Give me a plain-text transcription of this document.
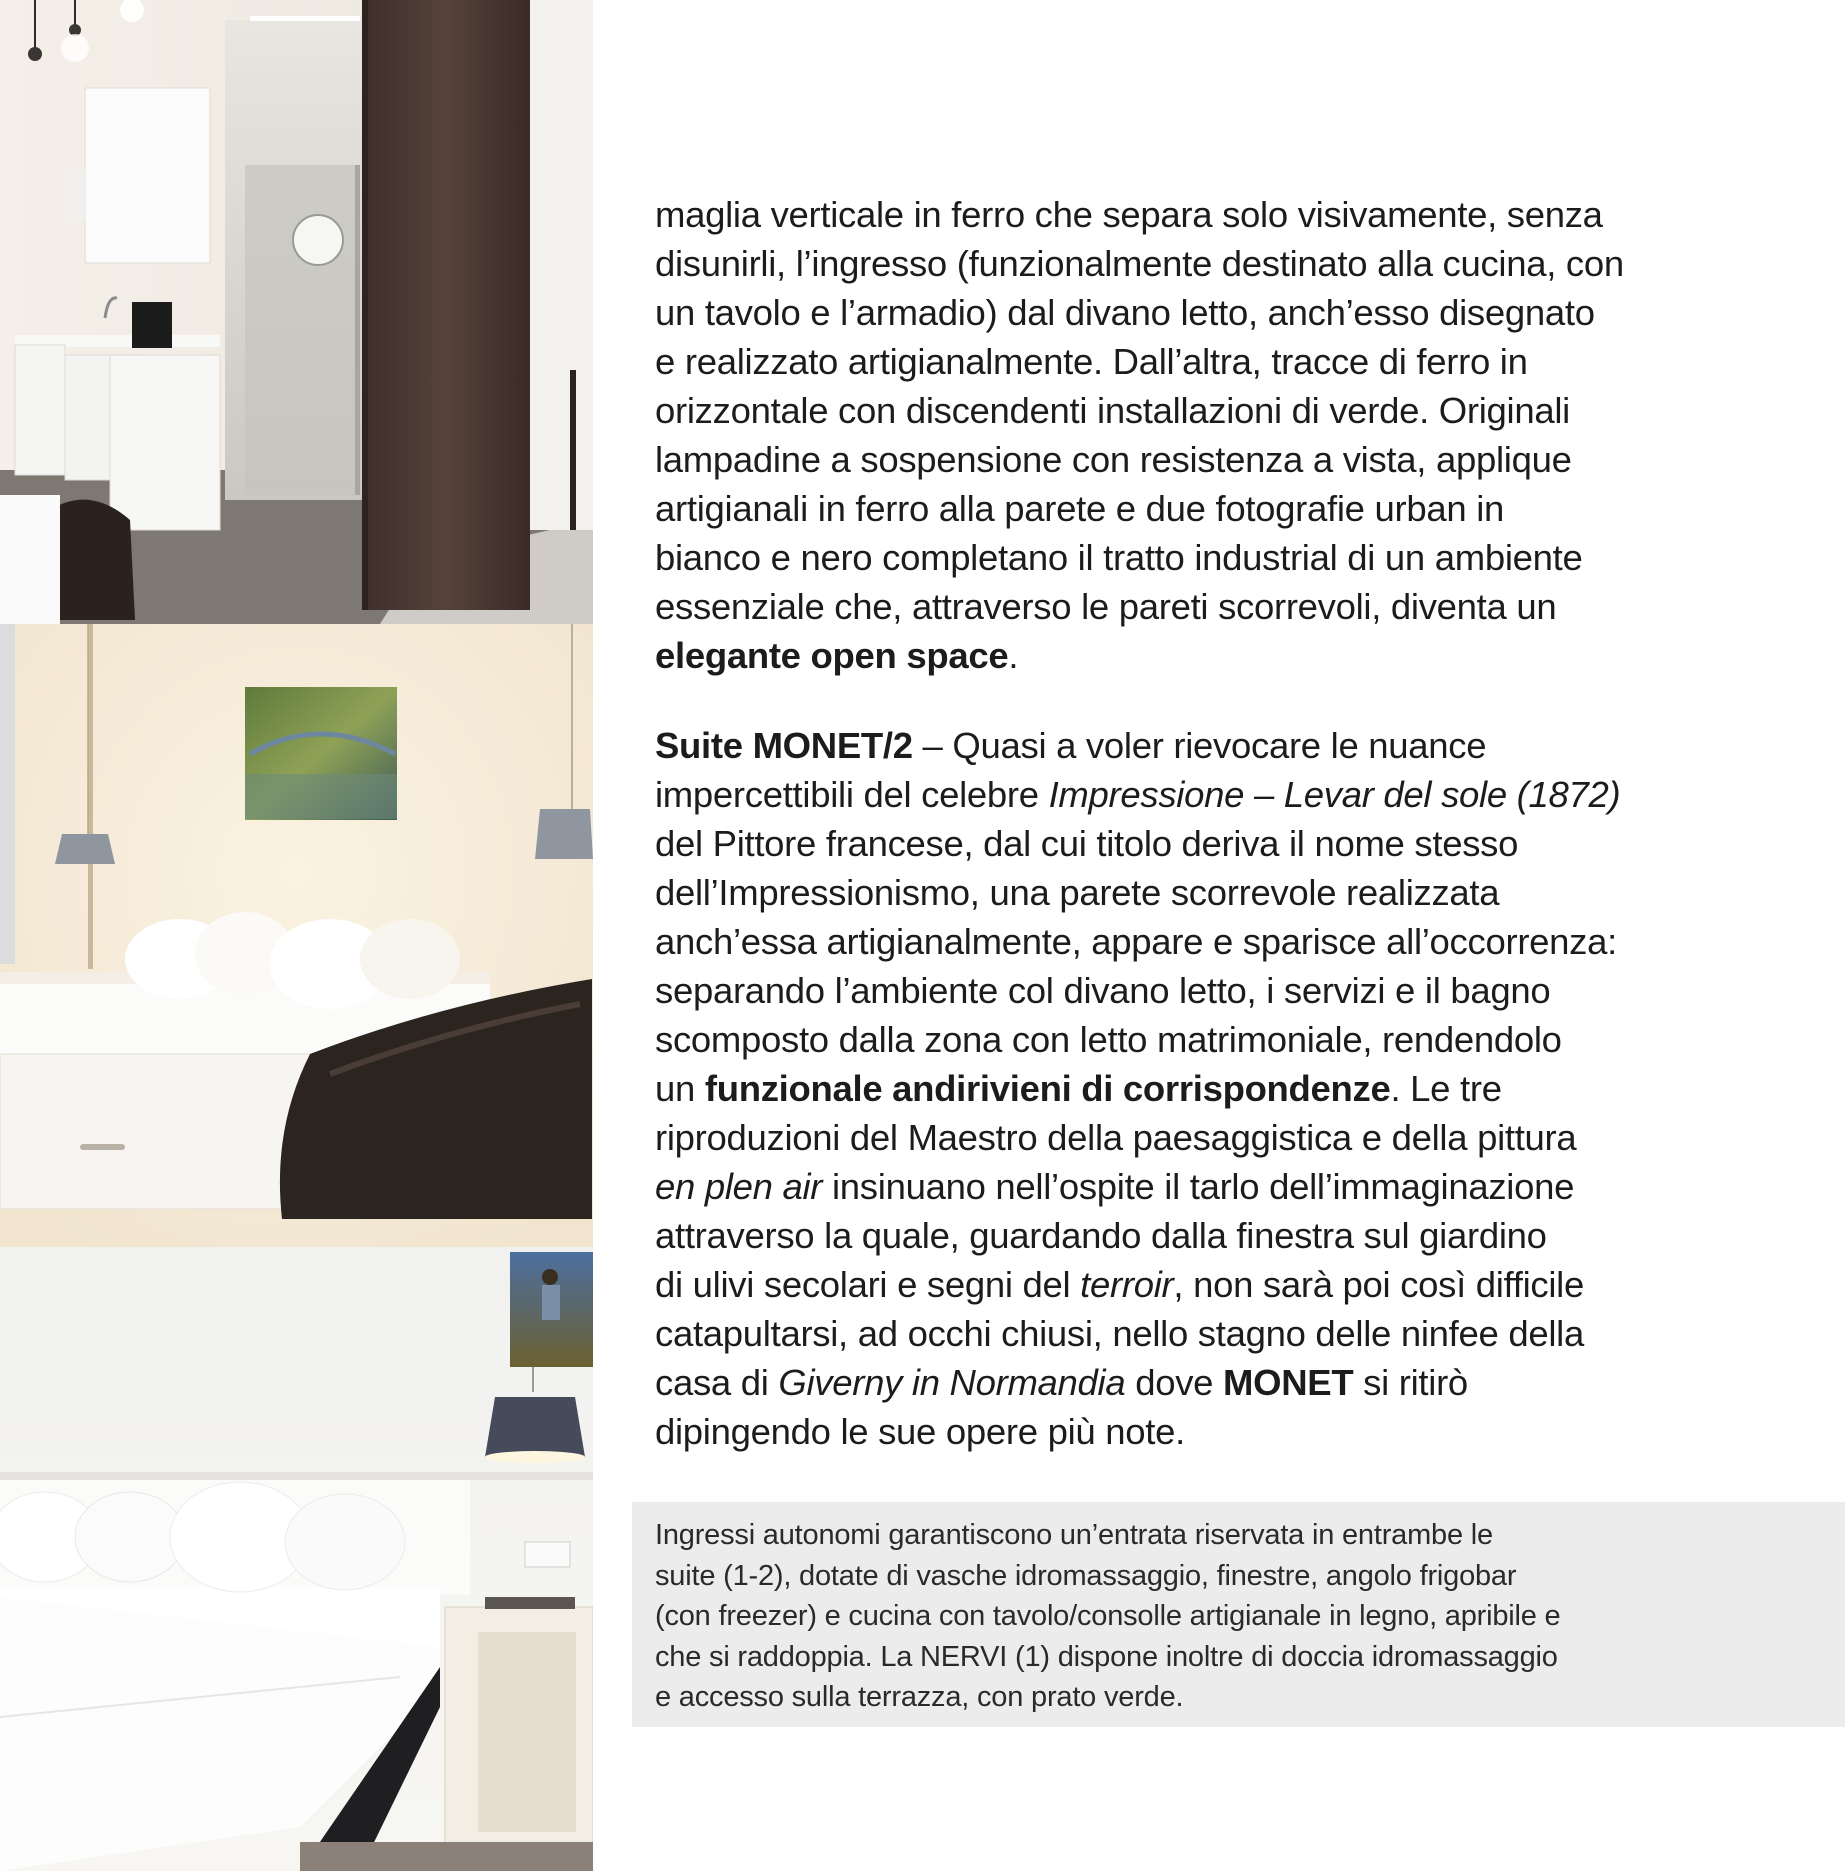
maglia verticale in ferro che separa solo visivamente, senza
disunirli, l’ingresso (funzionalmente destinato alla cucina, con
un tavolo e l’armadio) dal divano letto, anch’esso disegnato
e realizzato artigianalmente. Dall’altra, tracce di ferro in
orizzontale con discendenti installazioni di verde. Originali
lampadine a sospensione con resistenza a vista, applique
artigianali in ferro alla parete e due fotografie urban in
bianco e nero completano il tratto industrial di un ambiente
essenziale che, attraverso le pareti scorrevoli, diventa un
elegante open space.

Suite MONET/2 – Quasi a voler rievocare le nuance
impercettibili del celebre Impressione – Levar del sole (1872)
del Pittore francese, dal cui titolo deriva il nome stesso
dell’Impressionismo, una parete scorrevole realizzata
anch’essa artigianalmente, appare e sparisce all’occorrenza:
separando l’ambiente col divano letto, i servizi e il bagno
scomposto dalla zona con letto matrimoniale, rendendolo
un funzionale andirivieni di corrispondenze. Le tre
riproduzioni del Maestro della paesaggistica e della pittura
en plen air insinuano nell’ospite il tarlo dell’immaginazione
attraverso la quale, guardando dalla finestra sul giardino
di ulivi secolari e segni del terroir, non sarà poi così difficile
catapultarsi, ad occhi chiusi, nello stagno delle ninfee della
casa di Giverny in Normandia dove MONET si ritirò
dipingendo le sue opere più note.

Ingressi autonomi garantiscono un’entrata riservata in entrambe le
suite (1-2), dotate di vasche idromassaggio, finestre, angolo frigobar
(con freezer) e cucina con tavolo/consolle artigianale in legno, apribile e
che si raddoppia. La NERVI (1) dispone inoltre di doccia idromassaggio
e accesso sulla terrazza, con prato verde.
